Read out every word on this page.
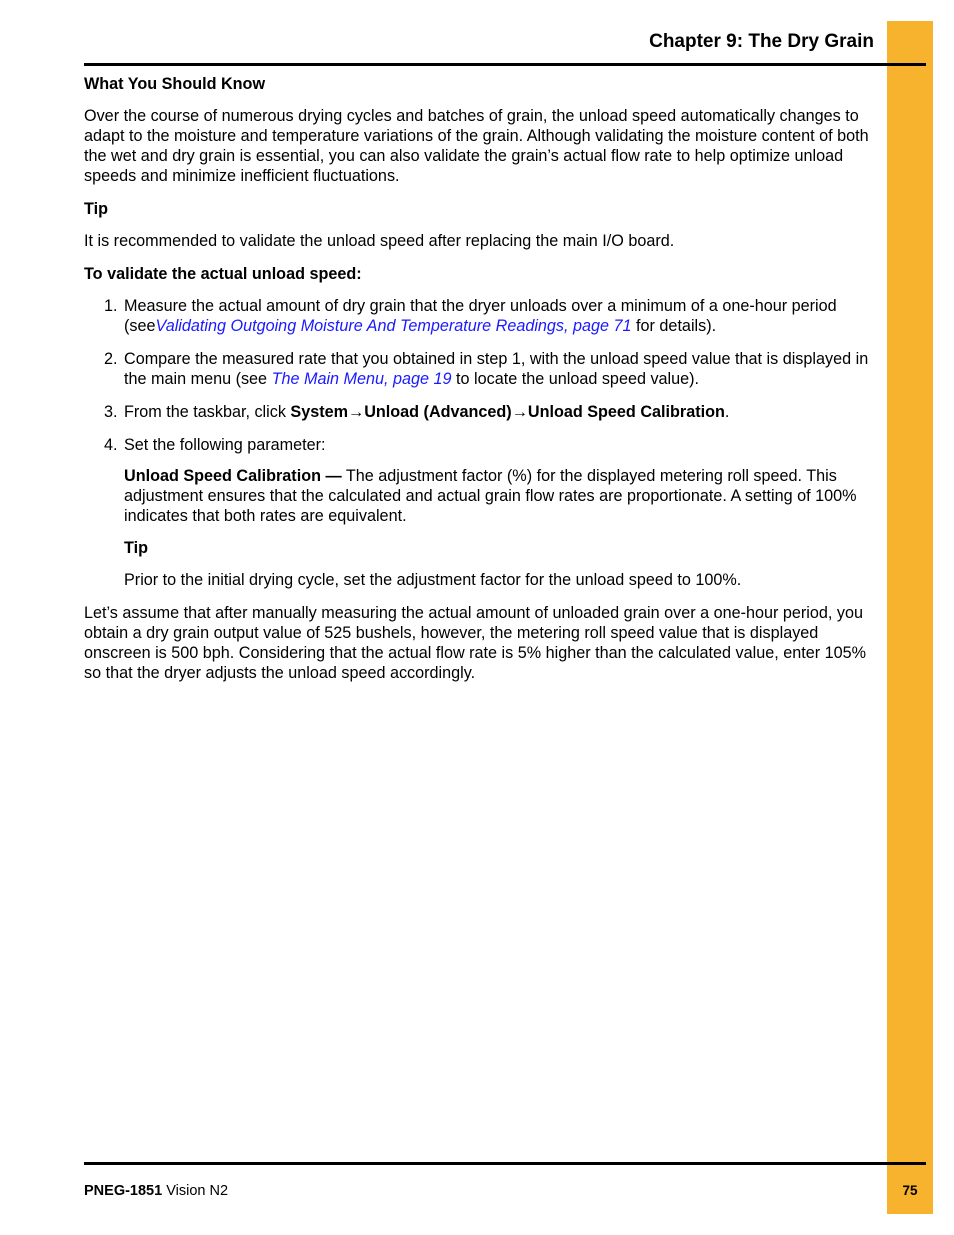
Chapter 9: The Dry Grain

What You Should Know

Over the course of numerous drying cycles and batches of grain, the unload speed automatically changes to adapt to the moisture and temperature variations of the grain. Although validating the moisture content of both the wet and dry grain is essential, you can also validate the grain’s actual flow rate to help optimize unload speeds and minimize inefficient fluctuations.

Tip

It is recommended to validate the unload speed after replacing the main I/O board.

To validate the actual unload speed:

1. Measure the actual amount of dry grain that the dryer unloads over a minimum of a one-hour period (seeValidating Outgoing Moisture And Temperature Readings, page 71 for details).
2. Compare the measured rate that you obtained in step 1, with the unload speed value that is displayed in the main menu (see The Main Menu, page 19 to locate the unload speed value).
3. From the taskbar, click System→Unload (Advanced)→Unload Speed Calibration.
4. Set the following parameter:
Unload Speed Calibration — The adjustment factor (%) for the displayed metering roll speed. This adjustment ensures that the calculated and actual grain flow rates are proportionate. A setting of 100% indicates that both rates are equivalent.
Tip
Prior to the initial drying cycle, set the adjustment factor for the unload speed to 100%.

Let’s assume that after manually measuring the actual amount of unloaded grain over a one-hour period, you obtain a dry grain output value of 525 bushels, however, the metering roll speed value that is displayed onscreen is 500 bph. Considering that the actual flow rate is 5% higher than the calculated value, enter 105% so that the dryer adjusts the unload speed accordingly.

PNEG-1851 Vision N2	75
